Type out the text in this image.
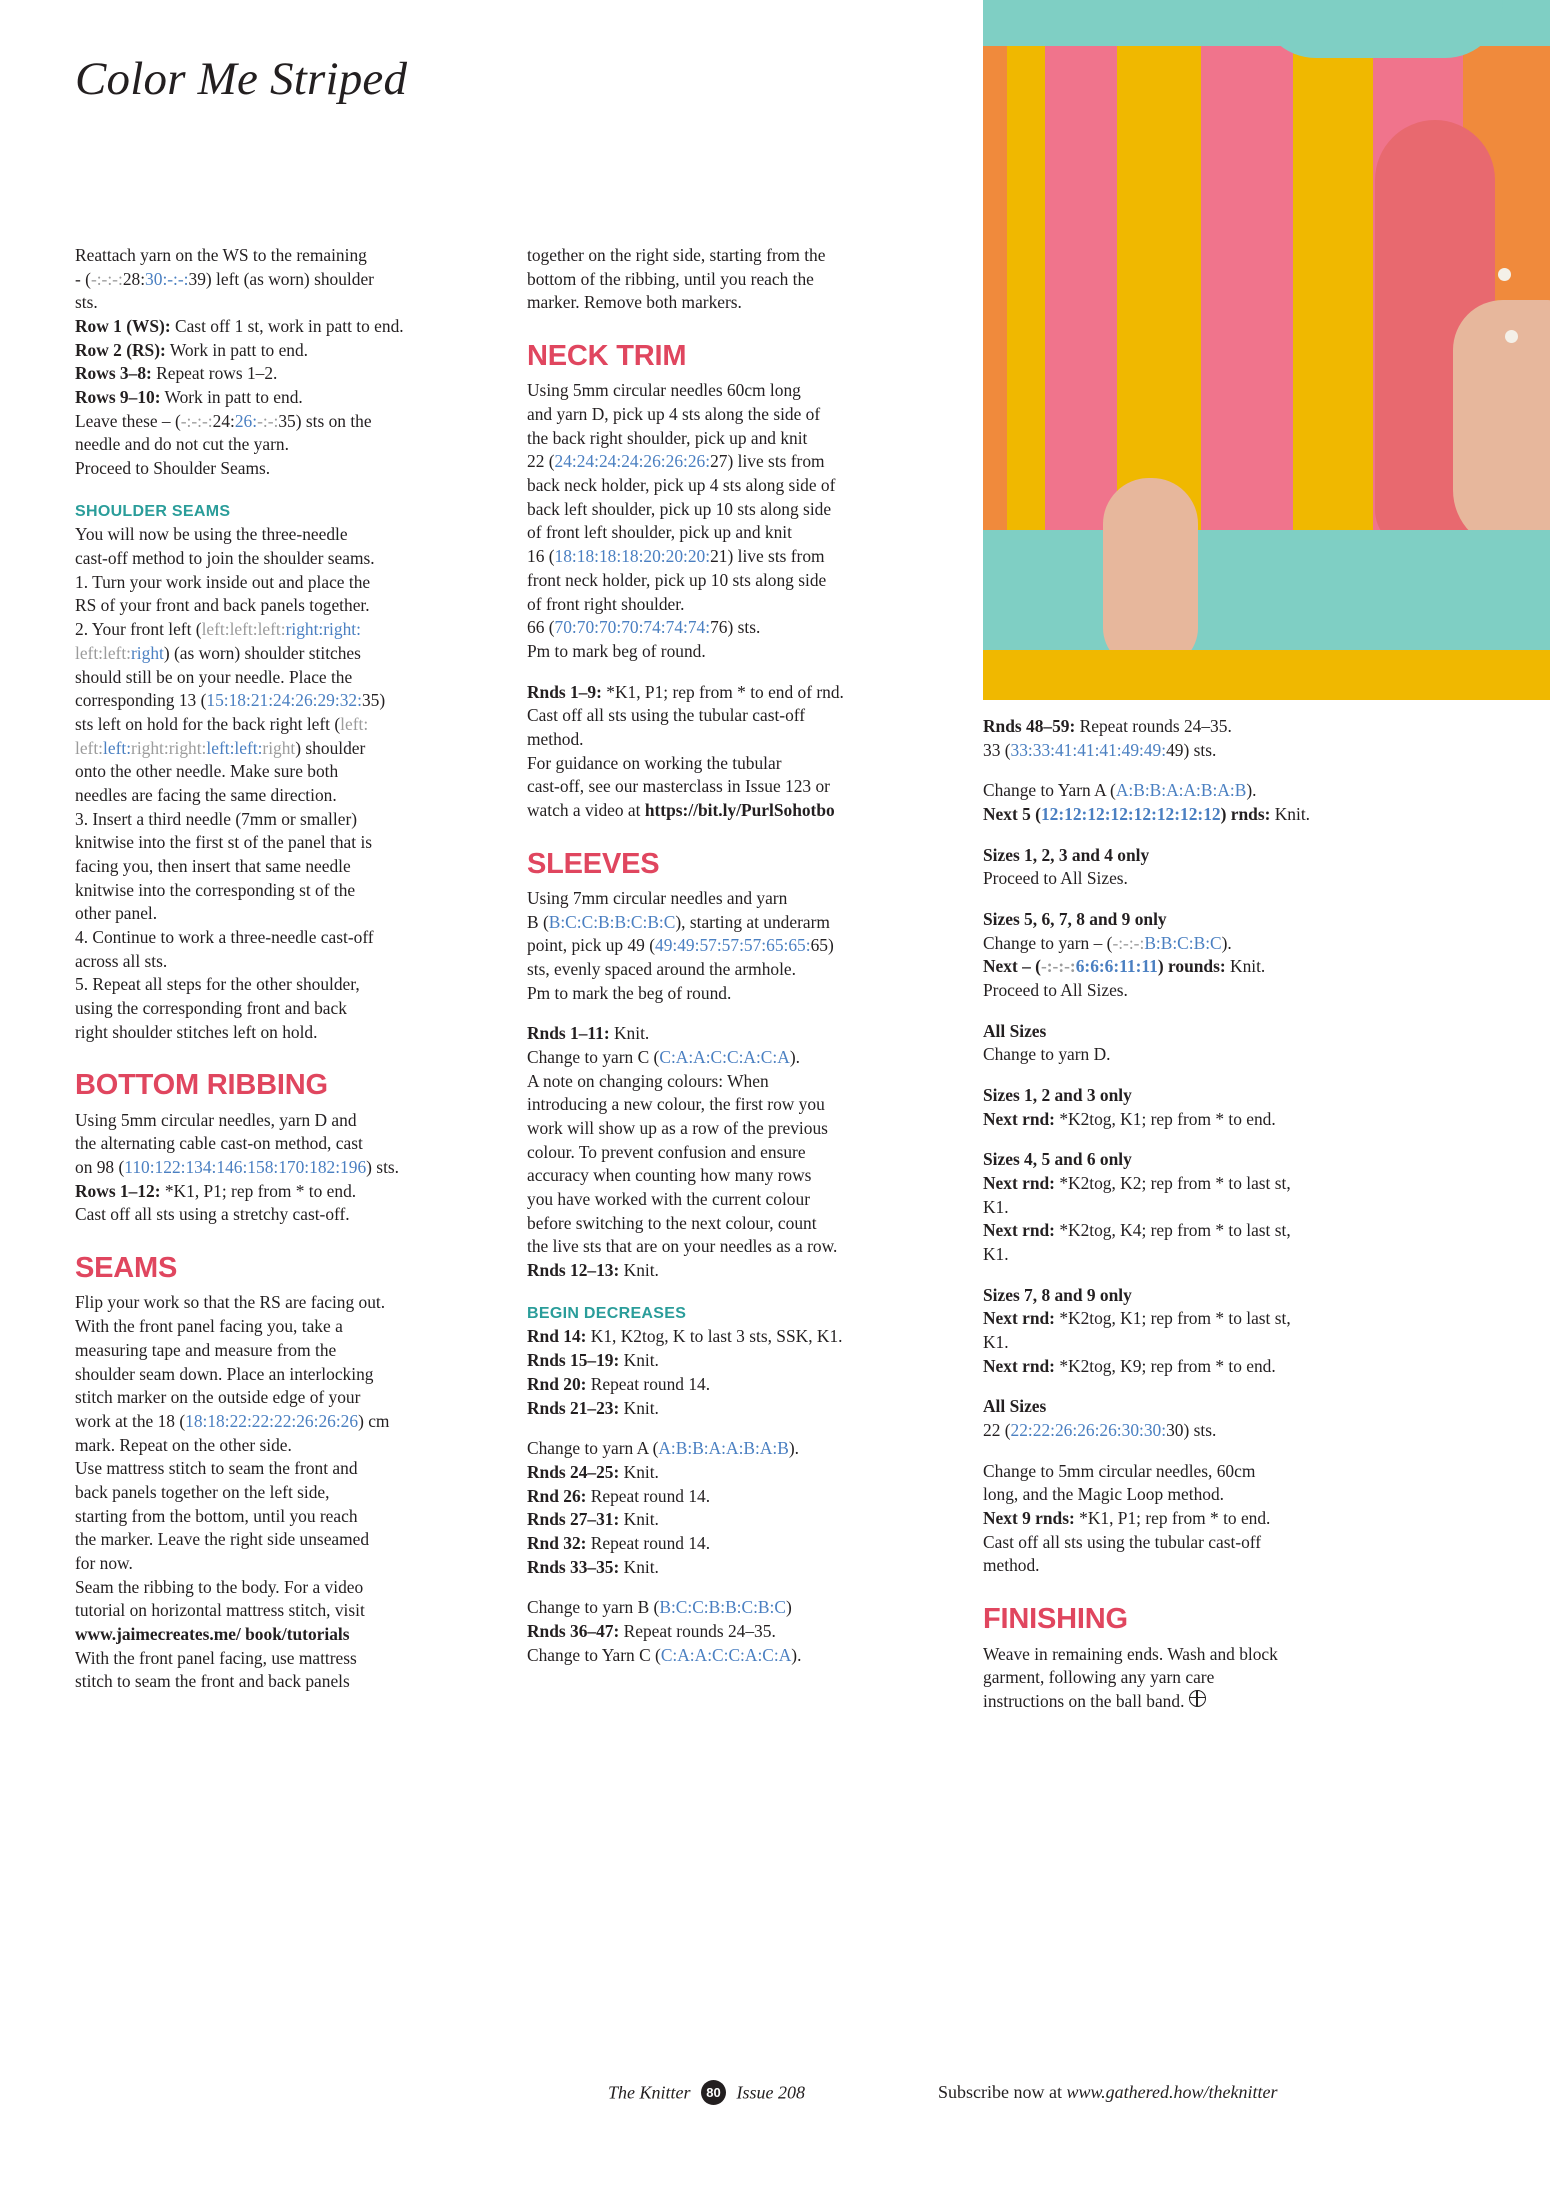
Color Me Striped

Reattach yarn on the WS to the remaining

- (-:-:-:28:30:-:-:39) left (as worn) shoulder

sts.

Row 1 (WS): Cast off 1 st, work in patt to end.

Row 2 (RS): Work in patt to end.

Rows 3–8: Repeat rows 1–2.

Rows 9–10: Work in patt to end.

Leave these – (-:-:-:24:26:-:-:35) sts on the

needle and do not cut the yarn.

Proceed to Shoulder Seams.

SHOULDER SEAMS

You will now be using the three-needle

cast-off method to join the shoulder seams.

1. Turn your work inside out and place the

RS of your front and back panels together.

2. Your front left (left:left:left:right:right:

left:left:right) (as worn) shoulder stitches

should still be on your needle. Place the

corresponding 13 (15:18:21:24:26:29:32:35)

sts left on hold for the back right left (left:

left:left:right:right:left:left:right) shoulder

onto the other needle. Make sure both

needles are facing the same direction.

3. Insert a third needle (7mm or smaller)

knitwise into the first st of the panel that is

facing you, then insert that same needle

knitwise into the corresponding st of the

other panel.

4. Continue to work a three-needle cast-off

across all sts.

5. Repeat all steps for the other shoulder,

using the corresponding front and back

right shoulder stitches left on hold.

BOTTOM RIBBING

Using 5mm circular needles, yarn D and

the alternating cable cast-on method, cast

on 98 (110:122:134:146:158:170:182:196) sts.

Rows 1–12: *K1, P1; rep from * to end.

Cast off all sts using a stretchy cast-off.

SEAMS

Flip your work so that the RS are facing out.

With the front panel facing you, take a

measuring tape and measure from the

shoulder seam down. Place an interlocking

stitch marker on the outside edge of your

work at the 18 (18:18:22:22:22:26:26:26) cm

mark. Repeat on the other side.

Use mattress stitch to seam the front and

back panels together on the left side,

starting from the bottom, until you reach

the marker. Leave the right side unseamed

for now.

Seam the ribbing to the body. For a video

tutorial on horizontal mattress stitch, visit

www.jaimecreates.me/ book/tutorials

With the front panel facing, use mattress

stitch to seam the front and back panels

together on the right side, starting from the

bottom of the ribbing, until you reach the

marker. Remove both markers.

NECK TRIM

Using 5mm circular needles 60cm long

and yarn D, pick up 4 sts along the side of

the back right shoulder, pick up and knit

22 (24:24:24:24:26:26:26:27) live sts from

back neck holder, pick up 4 sts along side of

back left shoulder, pick up 10 sts along side

of front left shoulder, pick up and knit

16 (18:18:18:18:20:20:20:21) live sts from

front neck holder, pick up 10 sts along side

of front right shoulder.

66 (70:70:70:70:74:74:74:76) sts.

Pm to mark beg of round.

Rnds 1–9: *K1, P1; rep from * to end of rnd.

Cast off all sts using the tubular cast-off

method.

For guidance on working the tubular

cast-off, see our masterclass in Issue 123 or

watch a video at https://bit.ly/PurlSohotbo

SLEEVES

Using 7mm circular needles and yarn

B (B:C:C:B:B:C:B:C), starting at underarm

point, pick up 49 (49:49:57:57:57:65:65:65)

sts, evenly spaced around the armhole.

Pm to mark the beg of round.

Rnds 1–11: Knit.

Change to yarn C (C:A:A:C:C:A:C:A).

A note on changing colours: When

introducing a new colour, the first row you

work will show up as a row of the previous

colour. To prevent confusion and ensure

accuracy when counting how many rows

you have worked with the current colour

before switching to the next colour, count

the live sts that are on your needles as a row.

Rnds 12–13: Knit.

BEGIN DECREASES

Rnd 14: K1, K2tog, K to last 3 sts, SSK, K1.

Rnds 15–19: Knit.

Rnd 20: Repeat round 14.

Rnds 21–23: Knit.

Change to yarn A (A:B:B:A:A:B:A:B).

Rnds 24–25: Knit.

Rnd 26: Repeat round 14.

Rnds 27–31: Knit.

Rnd 32: Repeat round 14.

Rnds 33–35: Knit.

Change to yarn B (B:C:C:B:B:C:B:C)

Rnds 36–47: Repeat rounds 24–35.

Change to Yarn C (C:A:A:C:C:A:C:A).

Rnds 48–59: Repeat rounds 24–35.

33 (33:33:41:41:41:49:49:49) sts.

Change to Yarn A (A:B:B:A:A:B:A:B).

Next 5 (12:12:12:12:12:12:12:12) rnds: Knit.

Sizes 1, 2, 3 and 4 only

Proceed to All Sizes.

Sizes 5, 6, 7, 8 and 9 only

Change to yarn – (-:-:-:B:B:C:B:C).

Next – (-:-:-:6:6:6:11:11) rounds: Knit.

Proceed to All Sizes.

All Sizes

Change to yarn D.

Sizes 1, 2 and 3 only

Next rnd: *K2tog, K1; rep from * to end.

Sizes 4, 5 and 6 only

Next rnd: *K2tog, K2; rep from * to last st,

K1.

Next rnd: *K2tog, K4; rep from * to last st,

K1.

Sizes 7, 8 and 9 only

Next rnd: *K2tog, K1; rep from * to last st,

K1.

Next rnd: *K2tog, K9; rep from * to end.

All Sizes

22 (22:22:26:26:26:30:30:30) sts.

Change to 5mm circular needles, 60cm

long, and the Magic Loop method.

Next 9 rnds: *K1, P1; rep from * to end.

Cast off all sts using the tubular cast-off

method.

FINISHING

Weave in remaining ends. Wash and block

garment, following any yarn care

instructions on the ball band.

The Knitter 80 Issue 208	Subscribe now at www.gathered.how/theknitter
